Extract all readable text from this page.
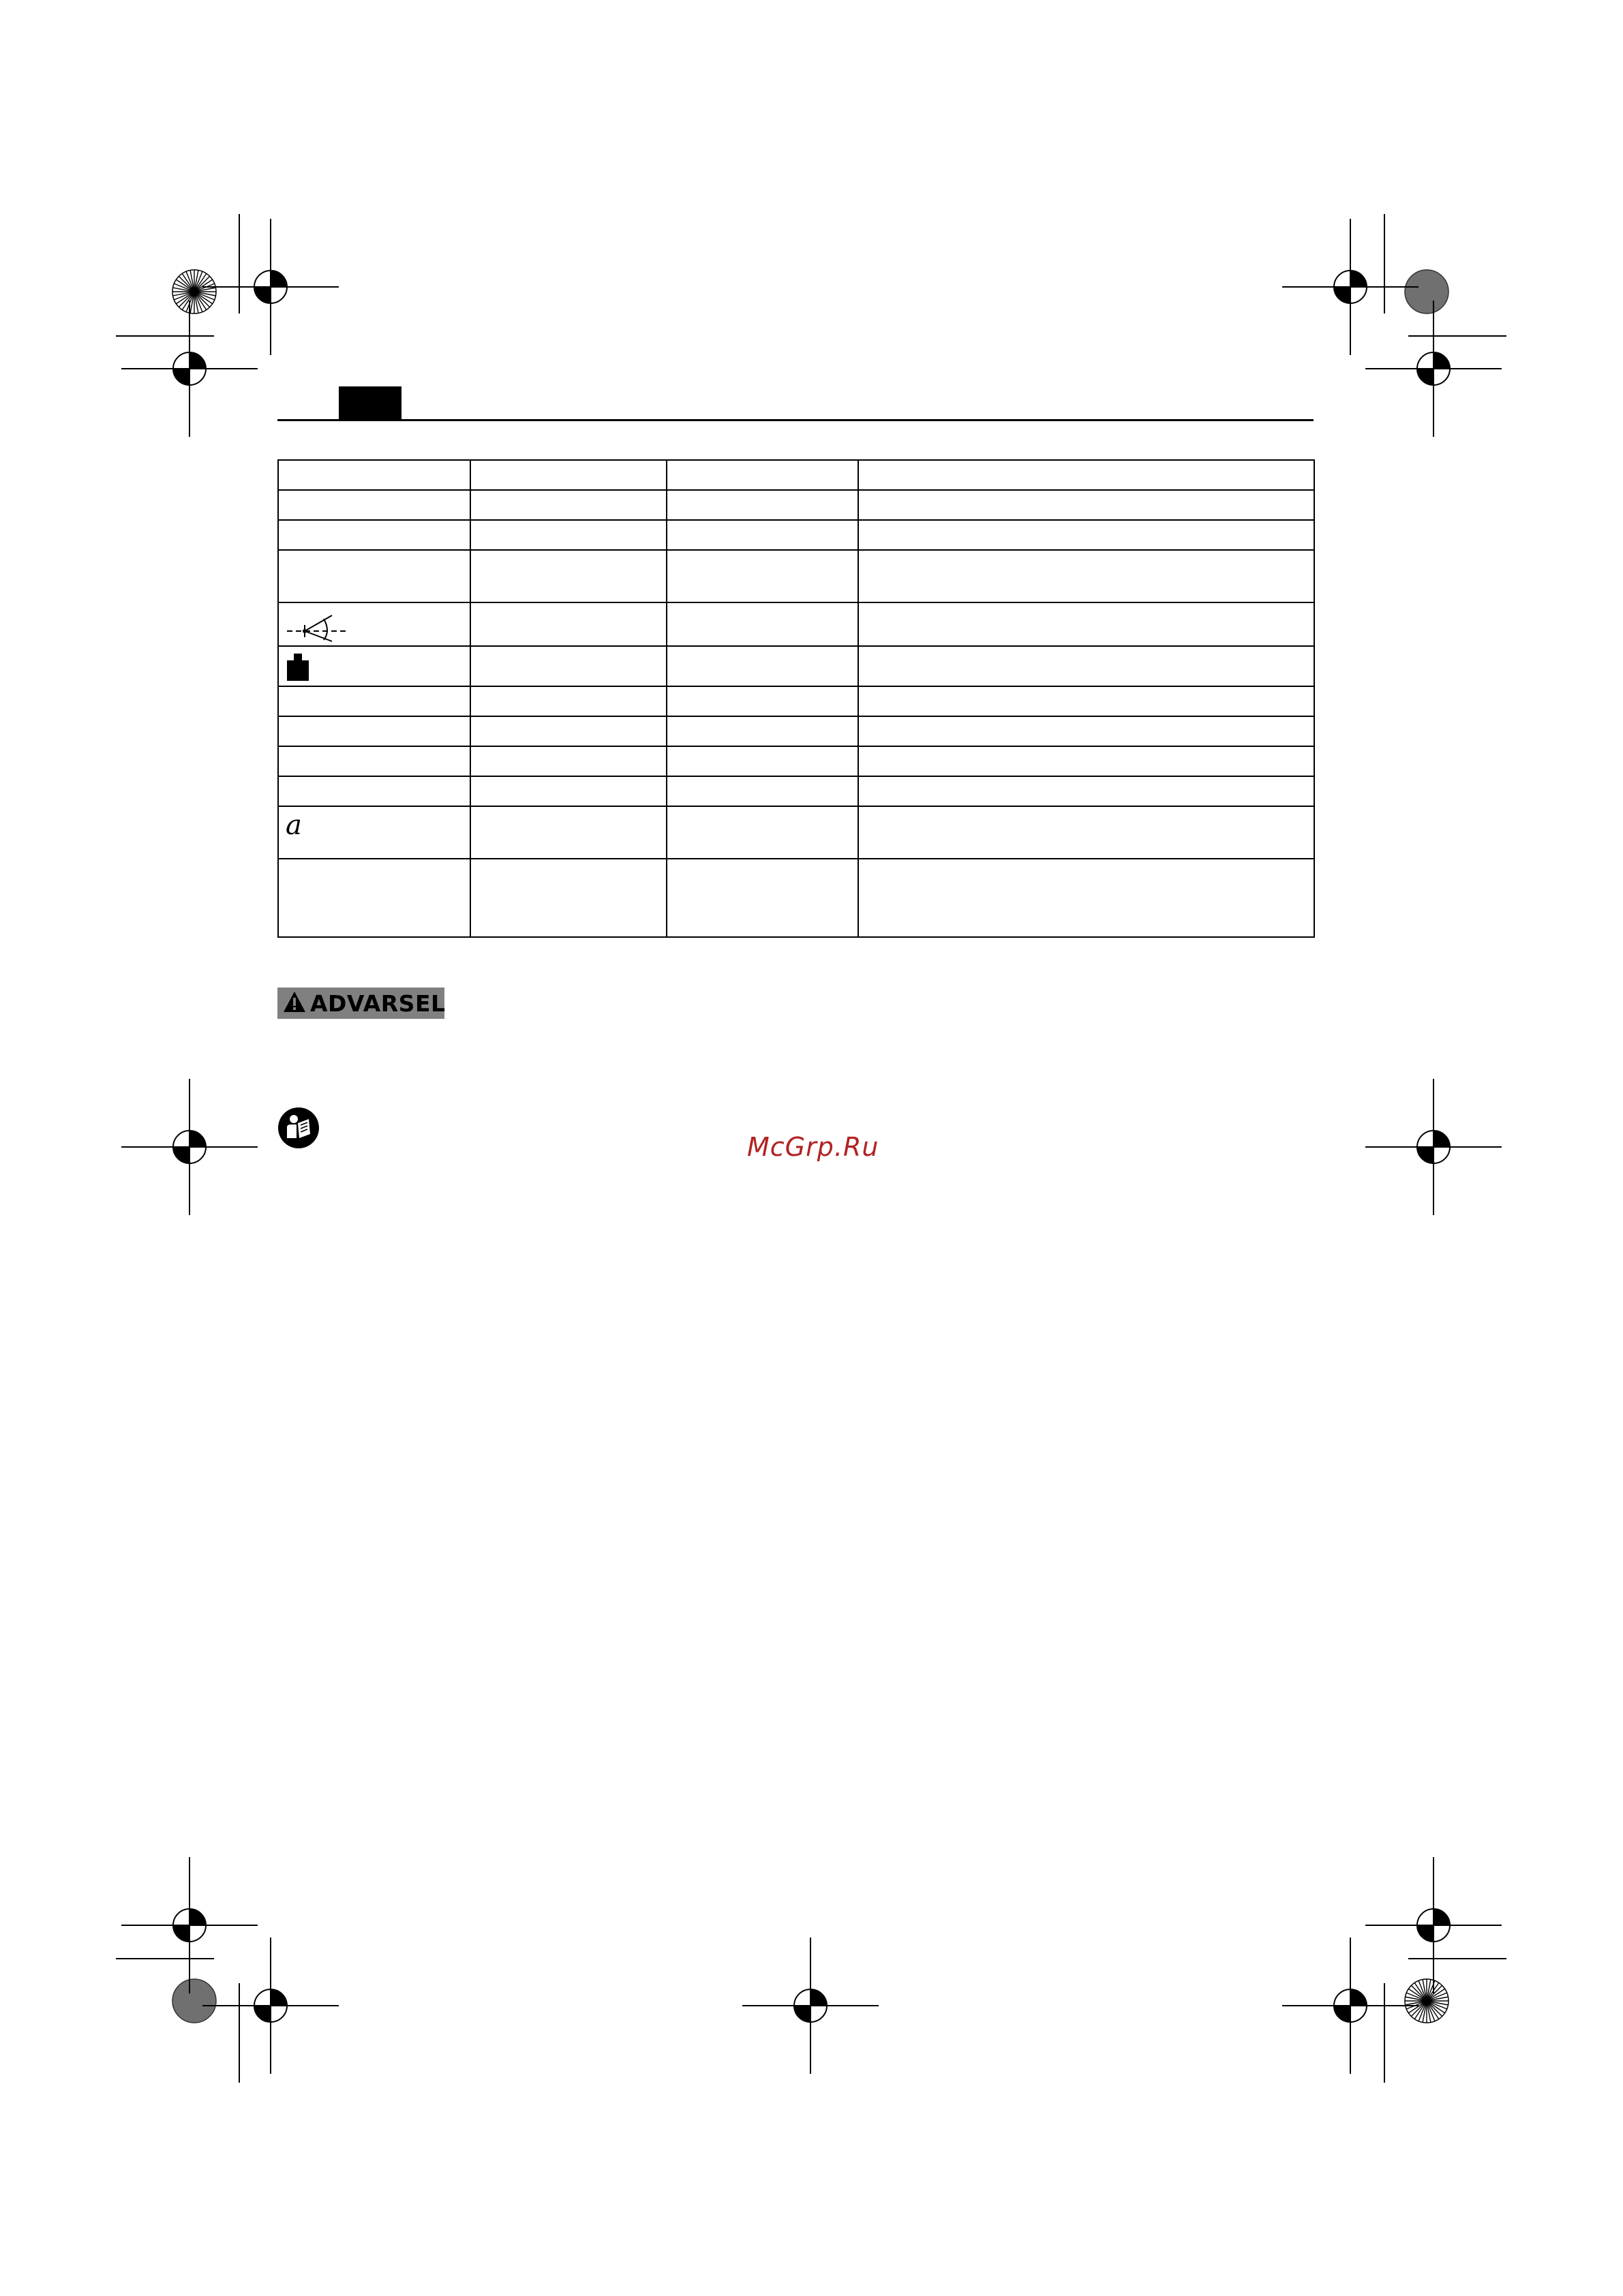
a			

ADVARSEL
McGrp.Ru
